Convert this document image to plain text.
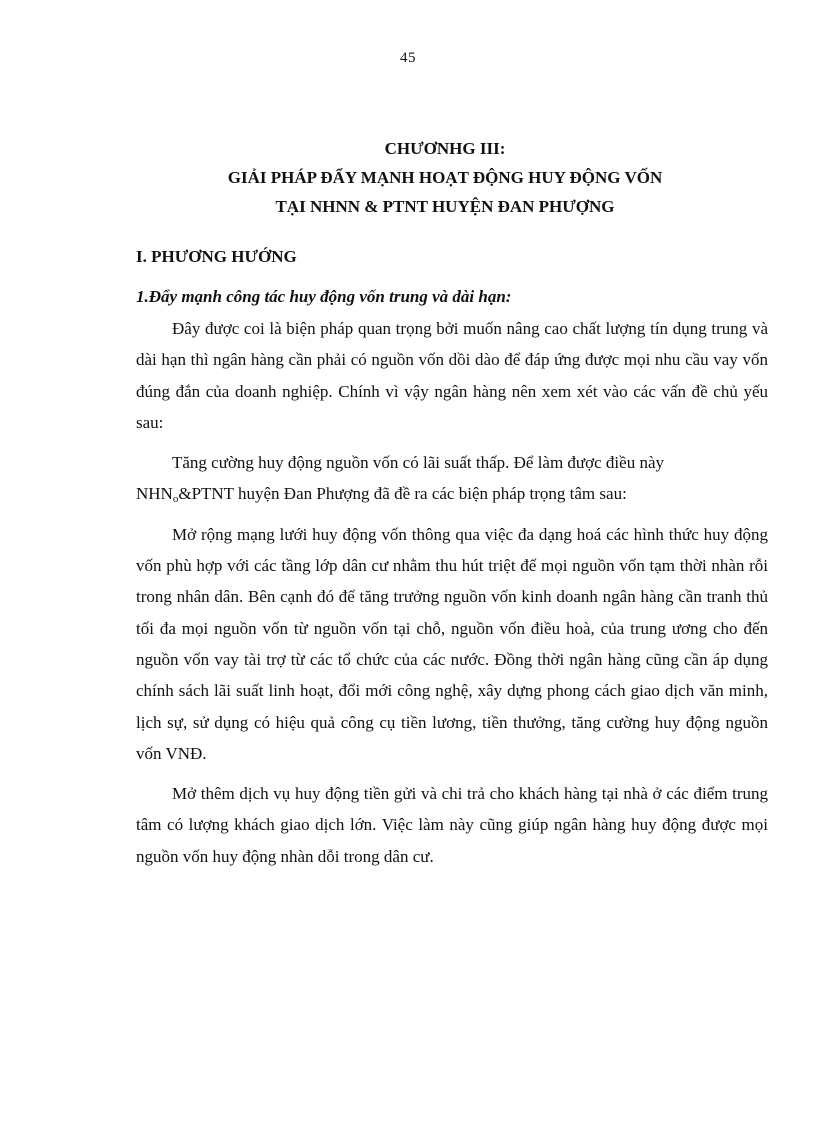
45
CHƯƠNHG III:
GIẢI PHÁP ĐẨY MẠNH HOẠT ĐỘNG HUY ĐỘNG VỐN
TẠI NHNN & PTNT HUYỆN ĐAN PHƯỢNG
I. PHƯƠNG HƯỚNG
1.Đẩy mạnh công tác huy động vốn trung và dài hạn:

Đây được coi là biện pháp quan trọng bởi muốn nâng cao chất lượng tín dụng trung và dài hạn thì ngân hàng cần phải có nguồn vốn dồi dào để đáp ứng được mọi nhu cầu vay vốn đúng đắn của doanh nghiệp. Chính vì vậy ngân hàng nên xem xét vào các vấn đề chủ yếu sau:

Tăng cường huy động nguồn vốn có lãi suất thấp. Để làm được điều này
$NHN_o\&PTNT$ huyện Đan Phượng đã đề ra các biện pháp trọng tâm sau:

Mở rộng mạng lưới huy động vốn thông qua việc đa dạng hoá các hình thức huy động vốn phù hợp với các tầng lớp dân cư nhằm thu hút triệt để mọi nguồn vốn tạm thời nhàn rỗi trong nhân dân. Bên cạnh đó để tăng trưởng nguồn vốn kinh doanh ngân hàng cần tranh thủ tối đa mọi nguồn vốn từ nguồn vốn tại chỗ, nguồn vốn điều hoà, của trung ương cho đến nguồn vốn vay tài trợ từ các tổ chức của các nước. Đồng thời ngân hàng cũng cần áp dụng chính sách lãi suất linh hoạt, đổi mới công nghệ, xây dựng phong cách giao dịch văn minh, lịch sự, sử dụng có hiệu quả công cụ tiền lương, tiền thưởng, tăng cường huy động nguồn vốn VNĐ.

Mở thêm dịch vụ huy động tiền gửi và chi trả cho khách hàng tại nhà ở các điểm trung tâm có lượng khách giao dịch lớn. Việc làm này cũng giúp ngân hàng huy động được mọi nguồn vốn huy động nhàn dỗi trong dân cư.
